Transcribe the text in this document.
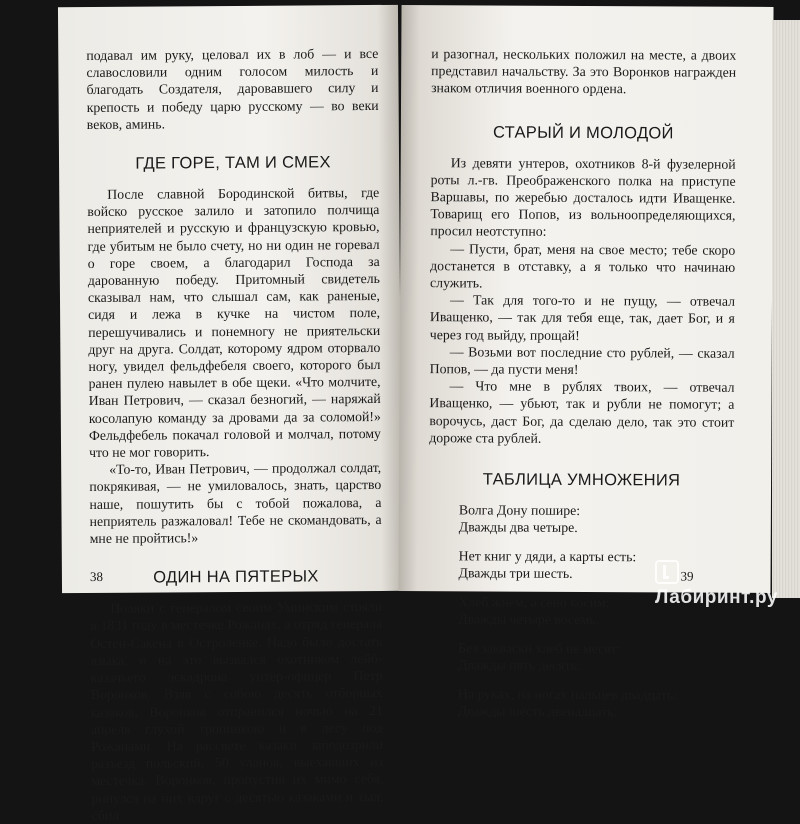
подавал им руку, целовал их в лоб — и все славословили одним голосом милость и благодать Создателя, даровавшего силу и крепость и победу царю русскому — во веки веков, аминь.

ГДЕ ГОРЕ, ТАМ И СМЕХ

После славной Бородинской битвы, где войско русское залило и затопило полчища неприятелей и русскую и французскую кровью, где убитым не было счету, но ни один не горевал о горе своем, а благодарил Господа за дарованную победу. Притомный свидетель сказывал нам, что слышал сам, как раненые, сидя и лежа в кучке на чистом поле, перешучивались и понемногу не приятельски друг на друга. Солдат, которому ядром оторвало ногу, увидел фельдфебеля своего, которого был ранен пулею навылет в обе щеки. «Что молчите, Иван Петрович, — сказал безногий, — наряжай косолапую команду за дровами да за соломой!» Фельдфебель покачал головой и молчал, потому что не мог говорить.

«То-то, Иван Петрович, — продолжал солдат, покрякивая, — не умиловалось, знать, царство наше, пошутить бы с тобой пожалова, а неприятель разжаловал! Тебе не скомандовать, а мне не пройтись!»

ОДИН НА ПЯТЕРЫХ

Поляки с генералом своим Уминским стояли в 1831 году в местечке Рожанах, а отряд генерала Остен-Сакена в Остроленке. Надо было достать языка, и на это вызвался охотником лейб-казачьего эскадрона унтер-офицер Петр Воронков. Взяв с собою десять отборных казаков, Воронков отправился ночью на 21 апреля глухой тропинкою и в лесу под Рожанами. На рассвете казаки заподозрили разъезд польский, 50 уланов, выехавших из местечка. Воронков, пропустив их мимо себя, ринулся на них вдруг с десятью казаками и тыл, сбил

38

и разогнал, нескольких положил на месте, а двоих представил начальству. За это Воронков награжден знаком отличия военного ордена.

СТАРЫЙ И МОЛОДОЙ

Из девяти унтеров, охотников 8-й фузелерной роты л.-гв. Преображенского полка на приступе Варшавы, по жеребью досталось идти Иващенке. Товарищ его Попов, из вольноопределяющихся, просил неотступно:

— Пусти, брат, меня на свое место; тебе скоро достанется в отставку, а я только что начинаю служить.

— Так для того-то и не пущу, — отвечал Иващенко, — так для тебя еще, так, дает Бог, и я через год выйду, прощай!

— Возьми вот последние сто рублей, — сказал Попов, — да пусти меня!

— Что мне в рублях твоих, — отвечал Иващенко, — убьют, так и рубли не помогут; а ворочусь, даст Бог, да сделаю дело, так это стоит дороже ста рублей.

ТАБЛИЦА УМНОЖЕНИЯ
Волга Дону пошире:
Дважды два четыре.
Нет книг у дяди, а карты есть:
Дважды три шесть.
Хлеб жнем, а сено косим:
Дважды четыре восемь.
Без закваски хлеб не месят:
Дважды пять десять.
На руках, на ногах пальцев двадцать:
Дважды шесть двенадцать.
39
Лабиринт.ру
